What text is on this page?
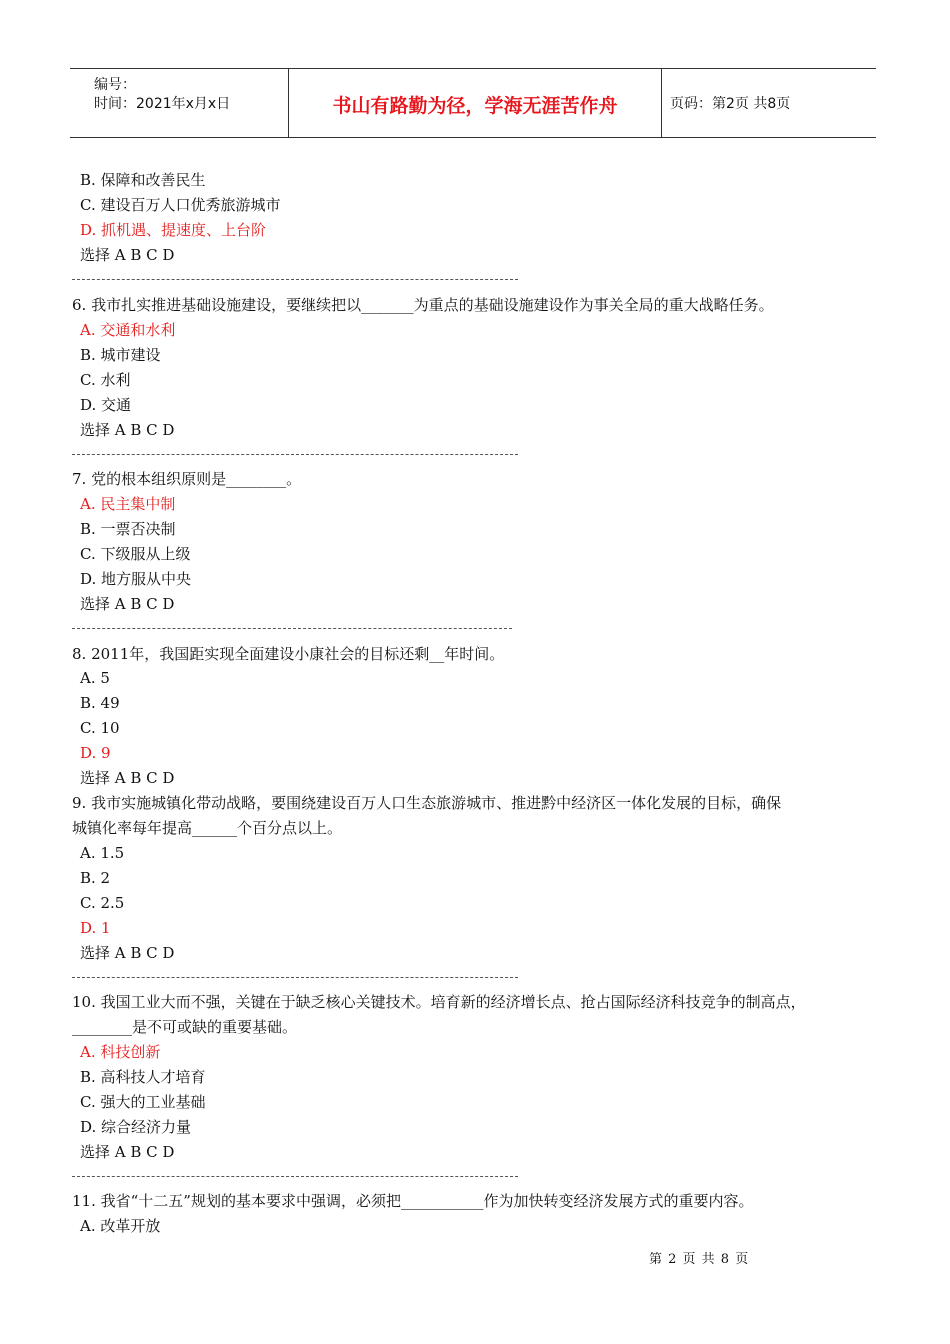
编号：
时间：2021年x月x日	书山有路勤为径，学海无涯苦作舟	页码：第2页 共8页
B. 保障和改善民生
C. 建设百万人口优秀旅游城市
D. 抓机遇、提速度、上台阶
选择 A B C D
6. 我市扎实推进基础设施建设，要继续把以_______为重点的基础设施建设作为事关全局的重大战略任务。
A. 交通和水利
B. 城市建设
C. 水利
D. 交通
选择 A B C D
7. 党的根本组织原则是________。
A. 民主集中制
B. 一票否决制
C. 下级服从上级
D. 地方服从中央
选择 A B C D
8. 2011年，我国距实现全面建设小康社会的目标还剩__年时间。
A. 5
B. 49
C. 10
D. 9
选择 A B C D
9. 我市实施城镇化带动战略，要围绕建设百万人口生态旅游城市、推进黔中经济区一体化发展的目标，确保
城镇化率每年提高______个百分点以上。
A. 1.5
B. 2
C. 2.5
D. 1
选择 A B C D
10. 我国工业大而不强，关键在于缺乏核心关键技术。培育新的经济增长点、抢占国际经济科技竞争的制高点，
________是不可或缺的重要基础。
A. 科技创新
B. 高科技人才培育
C. 强大的工业基础
D. 综合经济力量
选择 A B C D
11. 我省“十二五”规划的基本要求中强调，必须把___________作为加快转变经济发展方式的重要内容。
A. 改革开放
第 2 页 共 8 页
